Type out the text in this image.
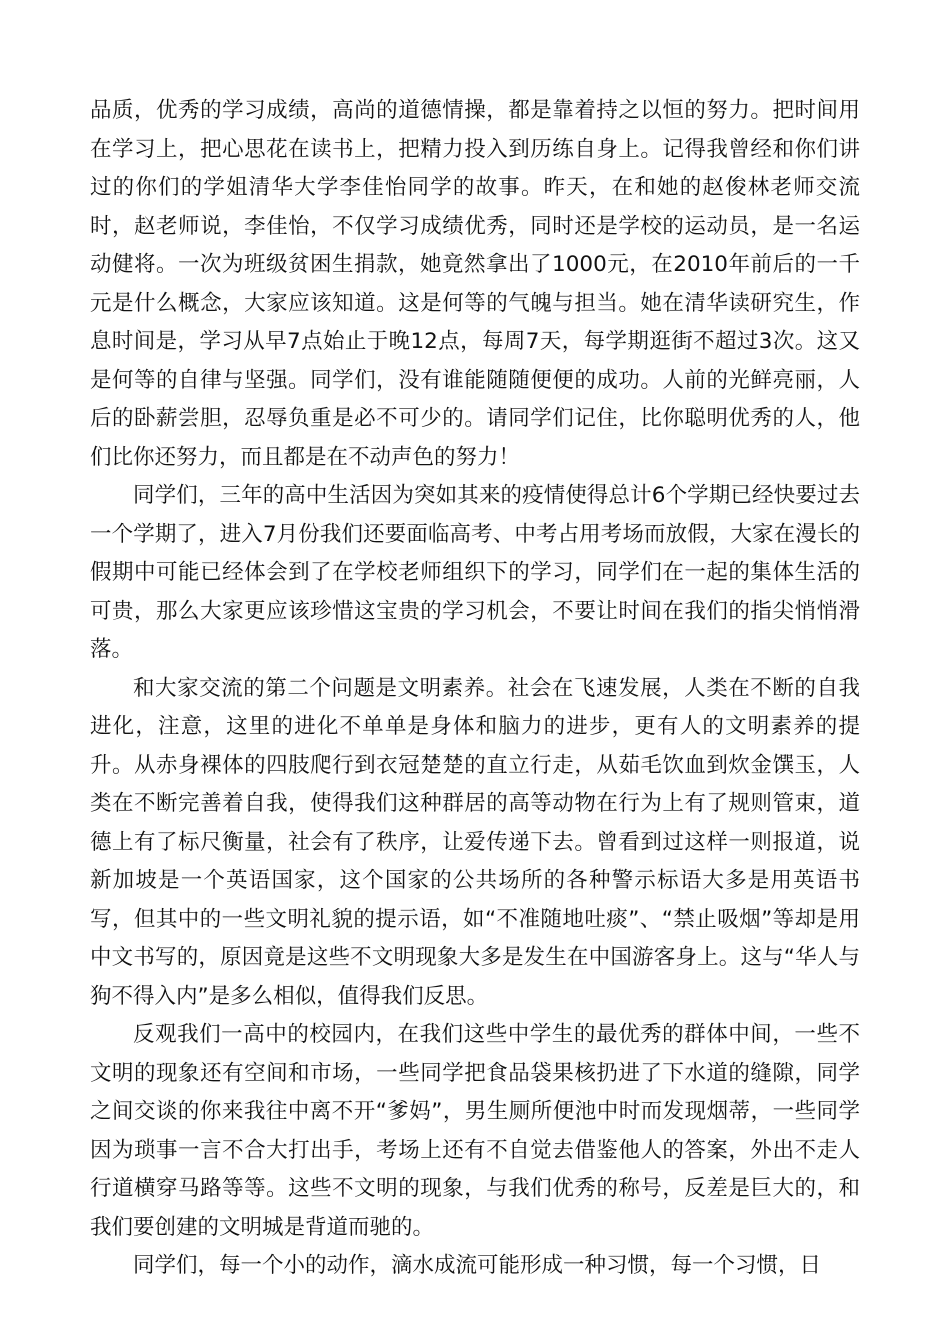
品质，优秀的学习成绩，高尚的道德情操，都是靠着持之以恒的努力。把时间用在学习上，把心思花在读书上，把精力投入到历练自身上。记得我曾经和你们讲过的你们的学姐清华大学李佳怡同学的故事。昨天，在和她的赵俊林老师交流时，赵老师说，李佳怡，不仅学习成绩优秀，同时还是学校的运动员，是一名运动健将。一次为班级贫困生捐款，她竟然拿出了1000元，在2010年前后的一千元是什么概念，大家应该知道。这是何等的气魄与担当。她在清华读研究生，作息时间是，学习从早7点始止于晚12点，每周7天，每学期逛街不超过3次。这又是何等的自律与坚强。同学们，没有谁能随随便便的成功。人前的光鲜亮丽，人后的卧薪尝胆，忍辱负重是必不可少的。请同学们记住，比你聪明优秀的人，他们比你还努力，而且都是在不动声色的努力！

同学们，三年的高中生活因为突如其来的疫情使得总计6个学期已经快要过去一个学期了，进入7月份我们还要面临高考、中考占用考场而放假，大家在漫长的假期中可能已经体会到了在学校老师组织下的学习，同学们在一起的集体生活的可贵，那么大家更应该珍惜这宝贵的学习机会，不要让时间在我们的指尖悄悄滑落。

和大家交流的第二个问题是文明素养。社会在飞速发展，人类在不断的自我进化，注意，这里的进化不单单是身体和脑力的进步，更有人的文明素养的提升。从赤身裸体的四肢爬行到衣冠楚楚的直立行走，从茹毛饮血到炊金馔玉，人类在不断完善着自我，使得我们这种群居的高等动物在行为上有了规则管束，道德上有了标尺衡量，社会有了秩序，让爱传递下去。曾看到过这样一则报道，说新加坡是一个英语国家，这个国家的公共场所的各种警示标语大多是用英语书写，但其中的一些文明礼貌的提示语，如“不准随地吐痰”、“禁止吸烟”等却是用中文书写的，原因竟是这些不文明现象大多是发生在中国游客身上。这与“华人与狗不得入内”是多么相似，值得我们反思。

反观我们一高中的校园内，在我们这些中学生的最优秀的群体中间，一些不文明的现象还有空间和市场，一些同学把食品袋果核扔进了下水道的缝隙，同学之间交谈的你来我往中离不开“爹妈”，男生厕所便池中时而发现烟蒂，一些同学因为琐事一言不合大打出手，考场上还有不自觉去借鉴他人的答案，外出不走人行道横穿马路等等。这些不文明的现象，与我们优秀的称号，反差是巨大的，和我们要创建的文明城是背道而驰的。

同学们，每一个小的动作，滴水成流可能形成一种习惯，每一个习惯，日
